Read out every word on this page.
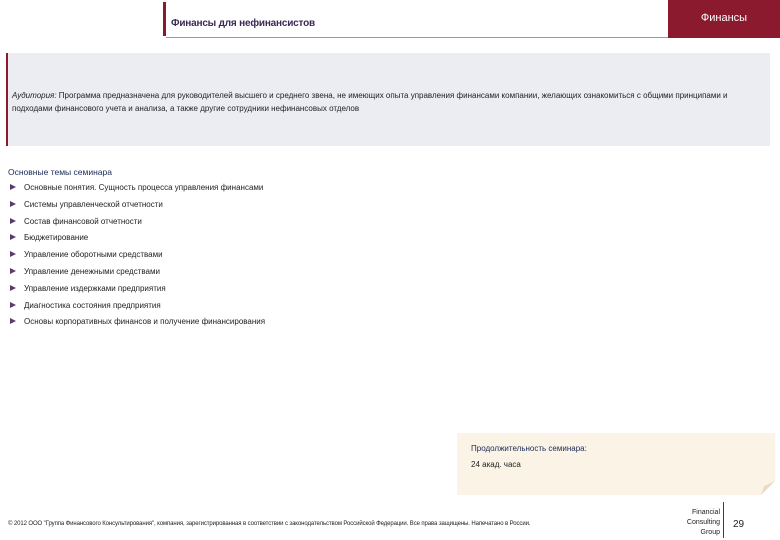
Финансы для нефинансистов	Финансы
Аудитория: Программа предназначена для руководителей высшего и среднего звена, не имеющих опыта управления финансами компании, желающих ознакомиться с общими принципами и подходами финансового учета и анализа, а также другие сотрудники нефинансовых отделов
Основные темы семинара
Основные понятия. Сущность процесса управления финансами
Системы управленческой отчетности
Состав финансовой отчетности
Бюджетирование
Управление оборотными средствами
Управление денежными средствами
Управление издержками предприятия
Диагностика состояния предприятия
Основы корпоративных финансов и получение финансирования
Продолжительность семинара:
24 акад. часа
© 2012 ООО "Группа Финансового Консультирования", компания, зарегистрированная в соответствии с законодательством Российской Федерации. Все права защищены. Напечатано в России.
Financial
Consulting
Group
29
